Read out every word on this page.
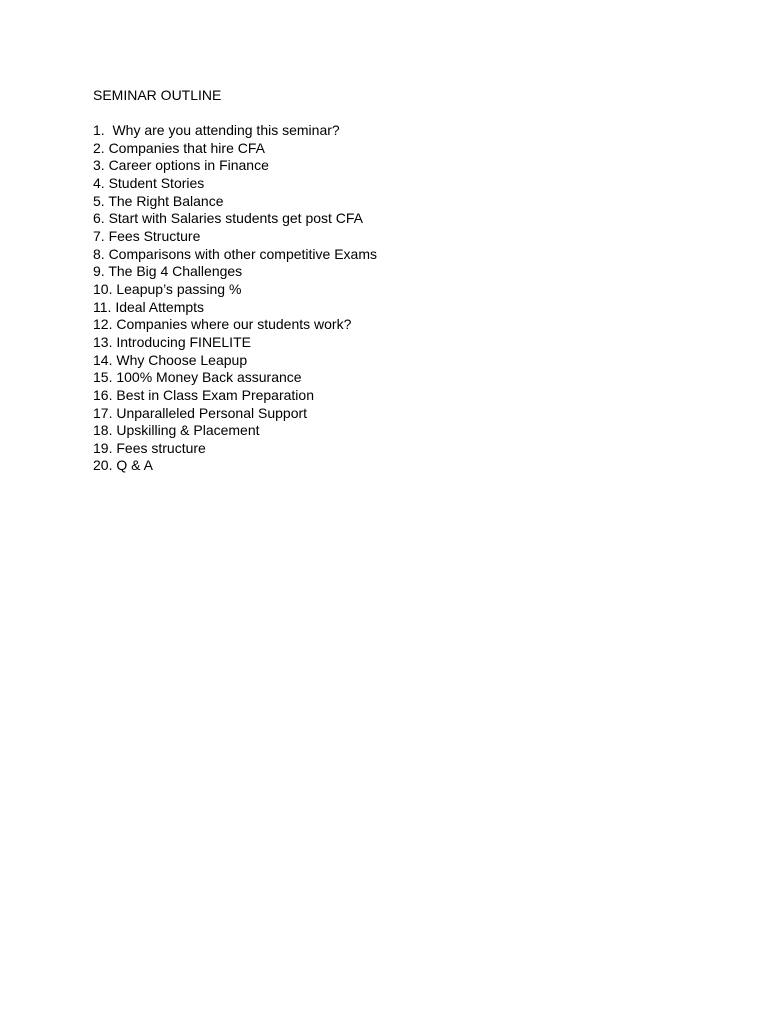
SEMINAR OUTLINE
1.  Why are you attending this seminar?
2. Companies that hire CFA
3. Career options in Finance
4. Student Stories
5. The Right Balance
6. Start with Salaries students get post CFA
7. Fees Structure
8. Comparisons with other competitive Exams
9. The Big 4 Challenges
10. Leapup’s passing %
11. Ideal Attempts
12. Companies where our students work?
13. Introducing FINELITE
14. Why Choose Leapup
15. 100% Money Back assurance
16. Best in Class Exam Preparation
17. Unparalleled Personal Support
18. Upskilling & Placement
19. Fees structure
20. Q & A
